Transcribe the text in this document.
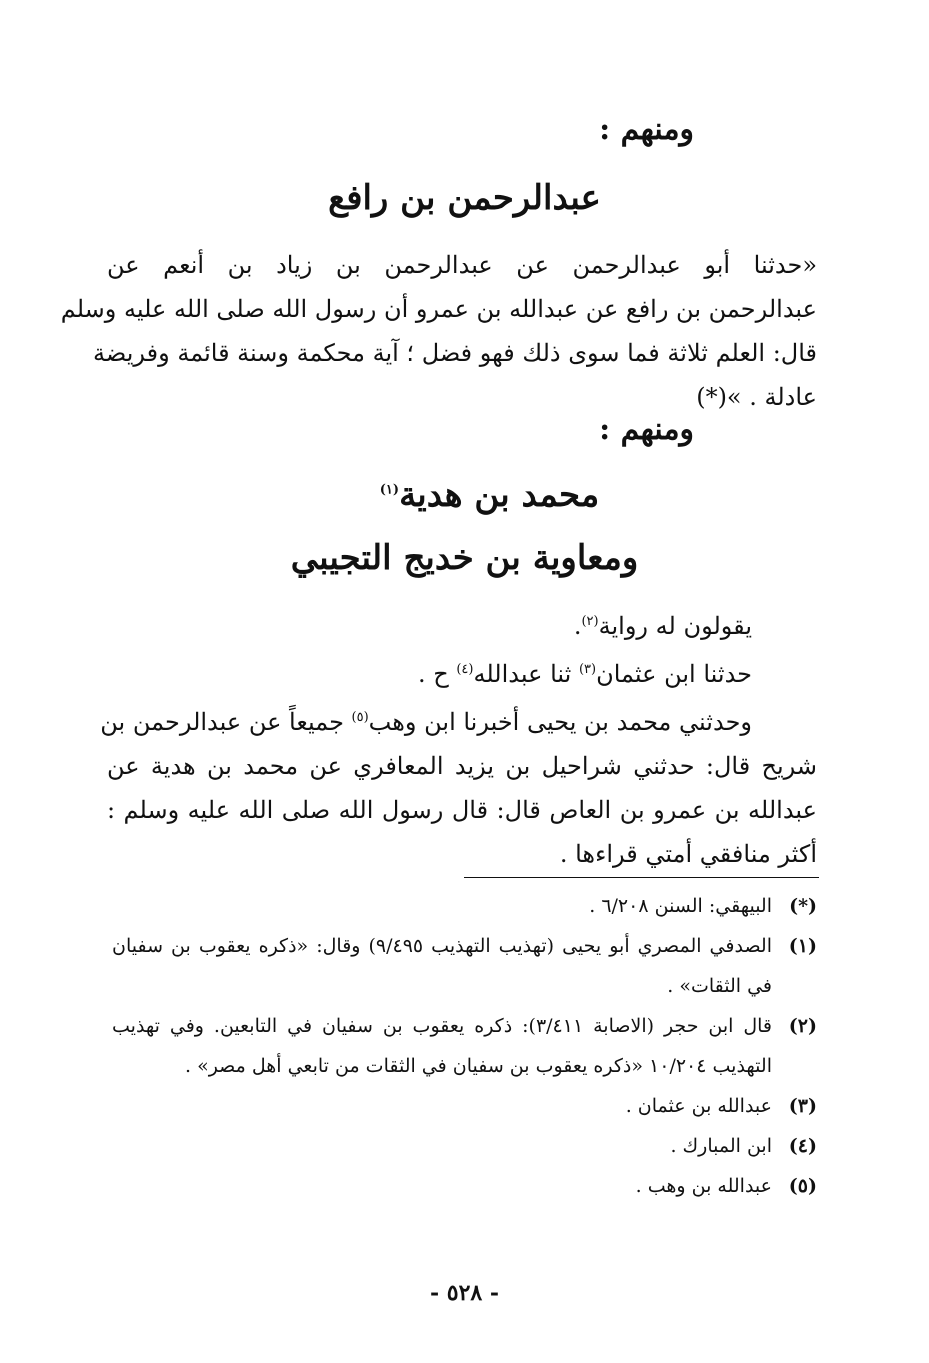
ومنهم :
عبدالرحمن بن رافع
«حدثنا أبو عبدالرحمن عن عبدالرحمن بن زياد بن أنعم عن
عبدالرحمن بن رافع عن عبدالله بن عمرو أن رسول الله صلى الله عليه وسلم
قال: العلم ثلاثة فما سوى ذلك فهو فضل ؛ آية محكمة وسنة قائمة وفريضة
عادلة . »(*)
ومنهم :
محمد بن هدية$^{(١)}$
ومعاوية بن خديج التجيبي
يقولون له رواية$^{(٢)}$.
حدثنا ابن عثمان$^{(٣)}$ ثنا عبدالله$^{(٤)}$ ح .
وحدثني محمد بن يحيى أخبرنا ابن وهب$^{(٥)}$ جميعاً عن عبدالرحمن بن
شريح قال: حدثني شراحيل بن يزيد المعافري عن محمد بن هدية عن
عبدالله بن عمرو بن العاص قال: قال رسول الله صلى الله عليه وسلم :
أكثر منافقي أمتي قراءها .
(*)
البيهقي: السنن ٦/٢٠٨ .
(١)
الصدفي المصري أبو يحيى (تهذيب التهذيب ٩/٤٩٥) وقال: «ذكره يعقوب بن سفيان في الثقات» .
(٢)
قال ابن حجر (الاصابة ٣/٤١١): ذكره يعقوب بن سفيان في التابعين. وفي تهذيب التهذيب ١٠/٢٠٤ «ذكره يعقوب بن سفيان في الثقات من تابعي أهل مصر» .
(٣)
عبدالله بن عثمان .
(٤)
ابن المبارك .
(٥)
عبدالله بن وهب .
- ٥٢٨ -
